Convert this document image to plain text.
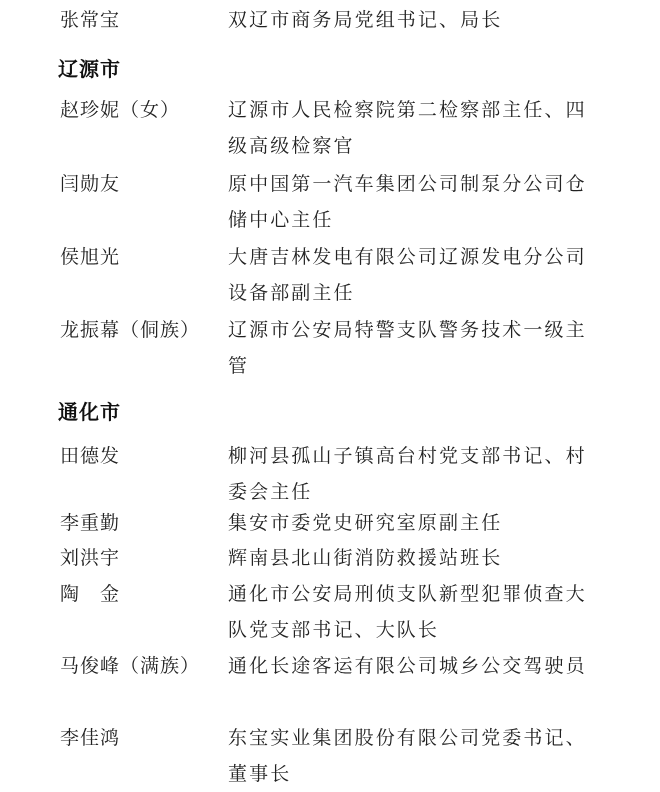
张常宝	双辽市商务局党组书记、局长
辽源市
赵珍妮（女）	辽源市人民检察院第二检察部主任、四级高级检察官
闫勋友	原中国第一汽车集团公司制泵分公司仓储中心主任
侯旭光	大唐吉林发电有限公司辽源发电分公司设备部副主任
龙振幕（侗族） 辽源市公安局特警支队警务技术一级主管
通化市
田德发	柳河县孤山子镇高台村党支部书记、村委会主任
李重勤	集安市委党史研究室原副主任
刘洪宇	辉南县北山街消防救援站班长
陶　金	通化市公安局刑侦支队新型犯罪侦查大队党支部书记、大队长
马俊峰（满族） 通化长途客运有限公司城乡公交驾驶员
李佳鸿	东宝实业集团股份有限公司党委书记、董事长
